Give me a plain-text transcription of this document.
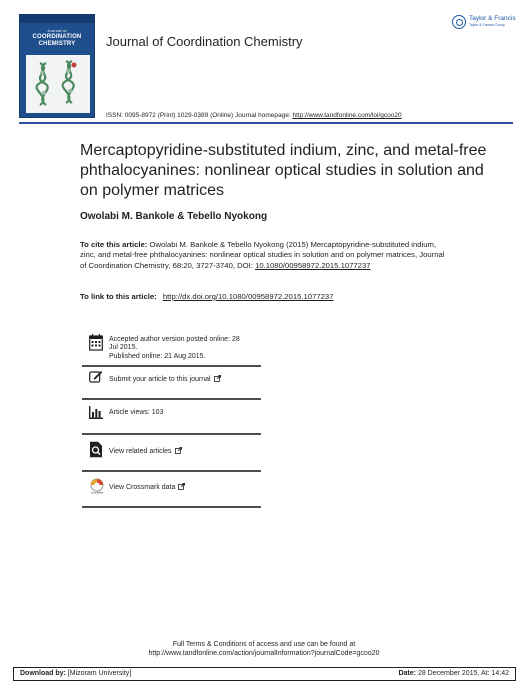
Journal of
COORDINATION
CHEMISTRY	Journal of Coordination Chemistry
Taylor & Francis
Taylor & Francis Group
ISSN: 0095-8972 (Print) 1029-0389 (Online) Journal homepage: http://www.tandfonline.com/loi/gcoo20
Mercaptopyridine-substituted indium, zinc, and metal-free phthalocyanines: nonlinear optical studies in solution and on polymer matrices
Owolabi M. Bankole & Tebello Nyokong
To cite this article: Owolabi M. Bankole & Tebello Nyokong (2015) Mercaptopyridine-substituted indium, zinc, and metal-free phthalocyanines: nonlinear optical studies in solution and on polymer matrices, Journal of Coordination Chemistry, 68:20, 3727-3740, DOI: 10.1080/00958972.2015.1077237
To link to this article: http://dx.doi.org/10.1080/00958972.2015.1077237
Accepted author version posted online: 28
Jul 2015.
Published online: 21 Aug 2015.
Submit your article to this journal
Article views: 103
View related articles
CrossMark
View Crossmark data
Full Terms & Conditions of access and use can be found at
http://www.tandfonline.com/action/journalInformation?journalCode=gcoo20
Download by: [Mizoram University]	Date: 28 December 2015, At: 14:42
